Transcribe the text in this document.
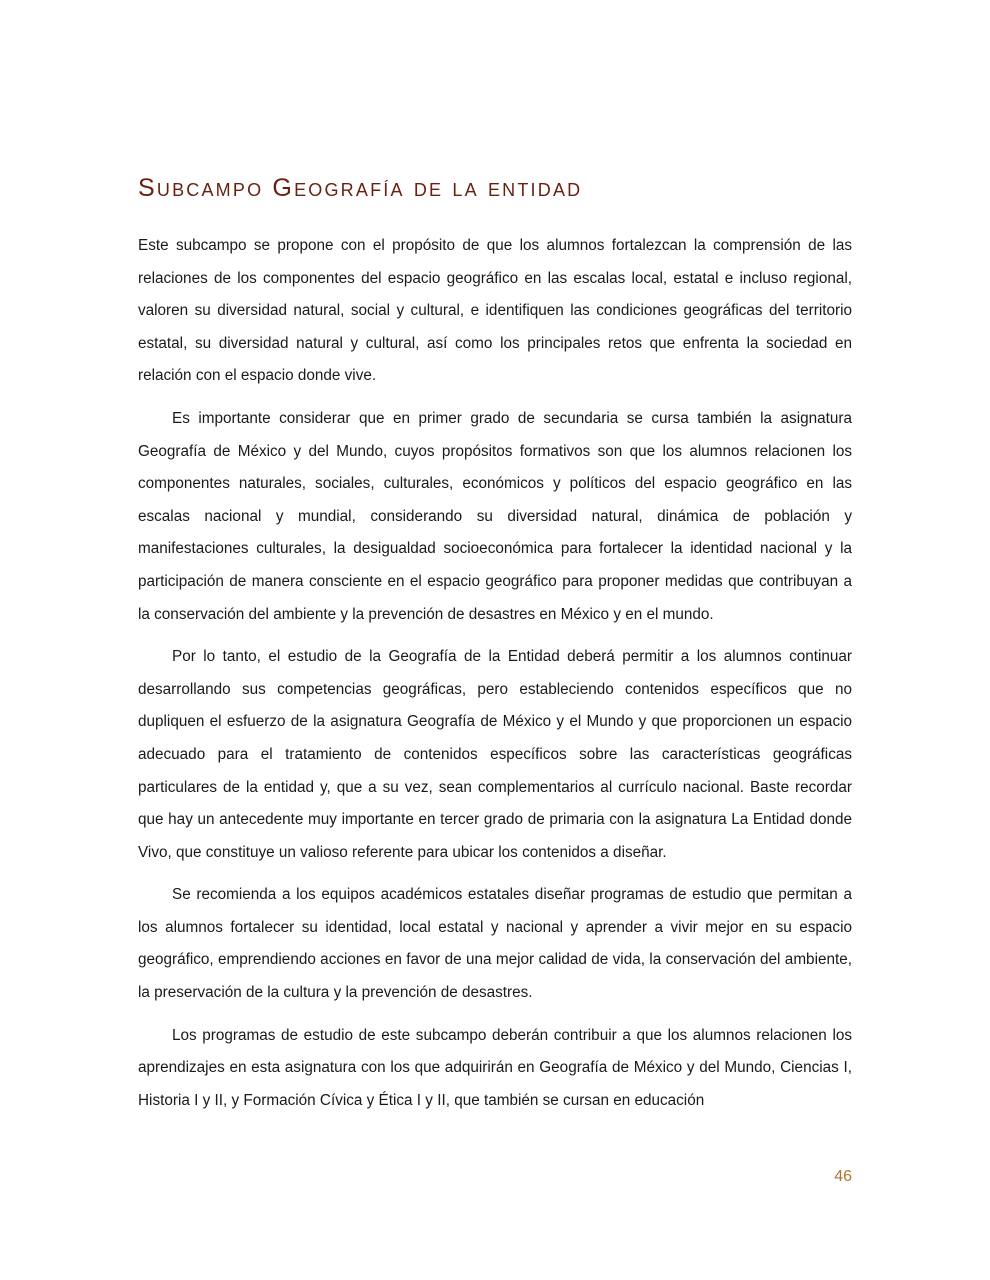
Subcampo Geografía de la entidad

Este subcampo se propone con el propósito de que los alumnos fortalezcan la comprensión de las relaciones de los componentes del espacio geográfico en las escalas local, estatal e incluso regional, valoren su diversidad natural, social y cultural, e identifiquen las condiciones geográficas del territorio estatal, su diversidad natural y cultural, así como los principales retos que enfrenta la sociedad en relación con el espacio donde vive.

Es importante considerar que en primer grado de secundaria se cursa también la asignatura Geografía de México y del Mundo, cuyos propósitos formativos son que los alumnos relacionen los componentes naturales, sociales, culturales, económicos y políticos del espacio geográfico en las escalas nacional y mundial, considerando su diversidad natural, dinámica de población y manifestaciones culturales, la desigualdad socioeconómica para fortalecer la identidad nacional y la participación de manera consciente en el espacio geográfico para proponer medidas que contribuyan a la conservación del ambiente y la prevención de desastres en México y en el mundo.

Por lo tanto, el estudio de la Geografía de la Entidad deberá permitir a los alumnos continuar desarrollando sus competencias geográficas, pero estableciendo contenidos específicos que no dupliquen el esfuerzo de la asignatura Geografía de México y el Mundo y que proporcionen un espacio adecuado para el tratamiento de contenidos específicos sobre las características geográficas particulares de la entidad y, que a su vez, sean complementarios al currículo nacional. Baste recordar que hay un antecedente muy importante en tercer grado de primaria con la asignatura La Entidad donde Vivo, que constituye un valioso referente para ubicar los contenidos a diseñar.

Se recomienda a los equipos académicos estatales diseñar programas de estudio que permitan a los alumnos fortalecer su identidad, local estatal y nacional y aprender a vivir mejor en su espacio geográfico, emprendiendo acciones en favor de una mejor calidad de vida, la conservación del ambiente, la preservación de la cultura y la prevención de desastres.

Los programas de estudio de este subcampo deberán contribuir a que los alumnos relacionen los aprendizajes en esta asignatura con los que adquirirán en Geografía de México y del Mundo, Ciencias I, Historia I y II, y Formación Cívica y Ética I y II, que también se cursan en educación

46
